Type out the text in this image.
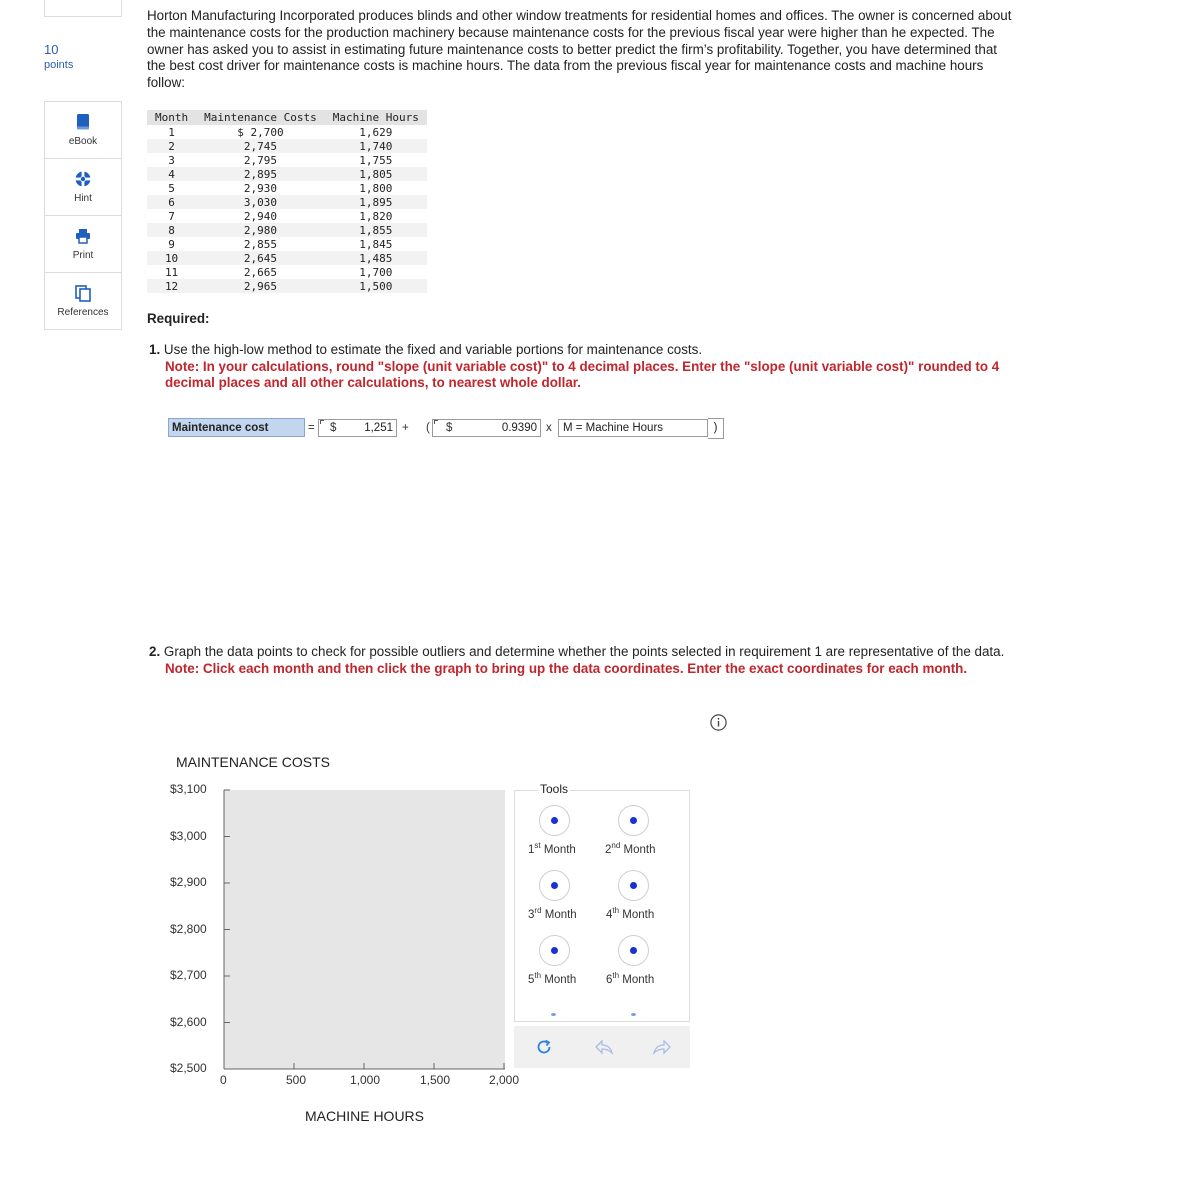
10
points
eBook
Hint
Print
References
Horton Manufacturing Incorporated produces blinds and other window treatments for residential homes and offices. The owner is concerned about the maintenance costs for the production machinery because maintenance costs for the previous fiscal year were higher than he expected. The owner has asked you to assist in estimating future maintenance costs to better predict the firm’s profitability. Together, you have determined that the best cost driver for maintenance costs is machine hours. The data from the previous fiscal year for maintenance costs and machine hours follow:
Month	Maintenance Costs	Machine Hours
1	$ 2,700	1,629
2	2,745	1,740
3	2,795	1,755
4	2,895	1,805
5	2,930	1,800
6	3,030	1,895
7	2,940	1,820
8	2,980	1,855
9	2,855	1,845
10	2,645	1,485
11	2,665	1,700
12	2,965	1,500
Required:
1. Use the high-low method to estimate the fixed and variable portions for maintenance costs.
Note: In your calculations, round "slope (unit variable cost)" to 4 decimal places. Enter the "slope (unit variable cost)" rounded to 4 decimal places and all other calculations, to nearest whole dollar.
Maintenance cost	= $
1,251	+ ( $
0.9390	x M = Machine Hours	)
2. Graph the data points to check for possible outliers and determine whether the points selected in requirement 1 are representative of the data.
Note: Click each month and then click the graph to bring up the data coordinates. Enter the exact coordinates for each month.
MAINTENANCE COSTS
$3,100
$3,000
$2,900
$2,800
$2,700
$2,600
$2,500
0	500	1,000	1,500	2,000
MACHINE HOURS
Tools
1st Month	2nd Month
3rd Month	4th Month
5th Month	6th Month
